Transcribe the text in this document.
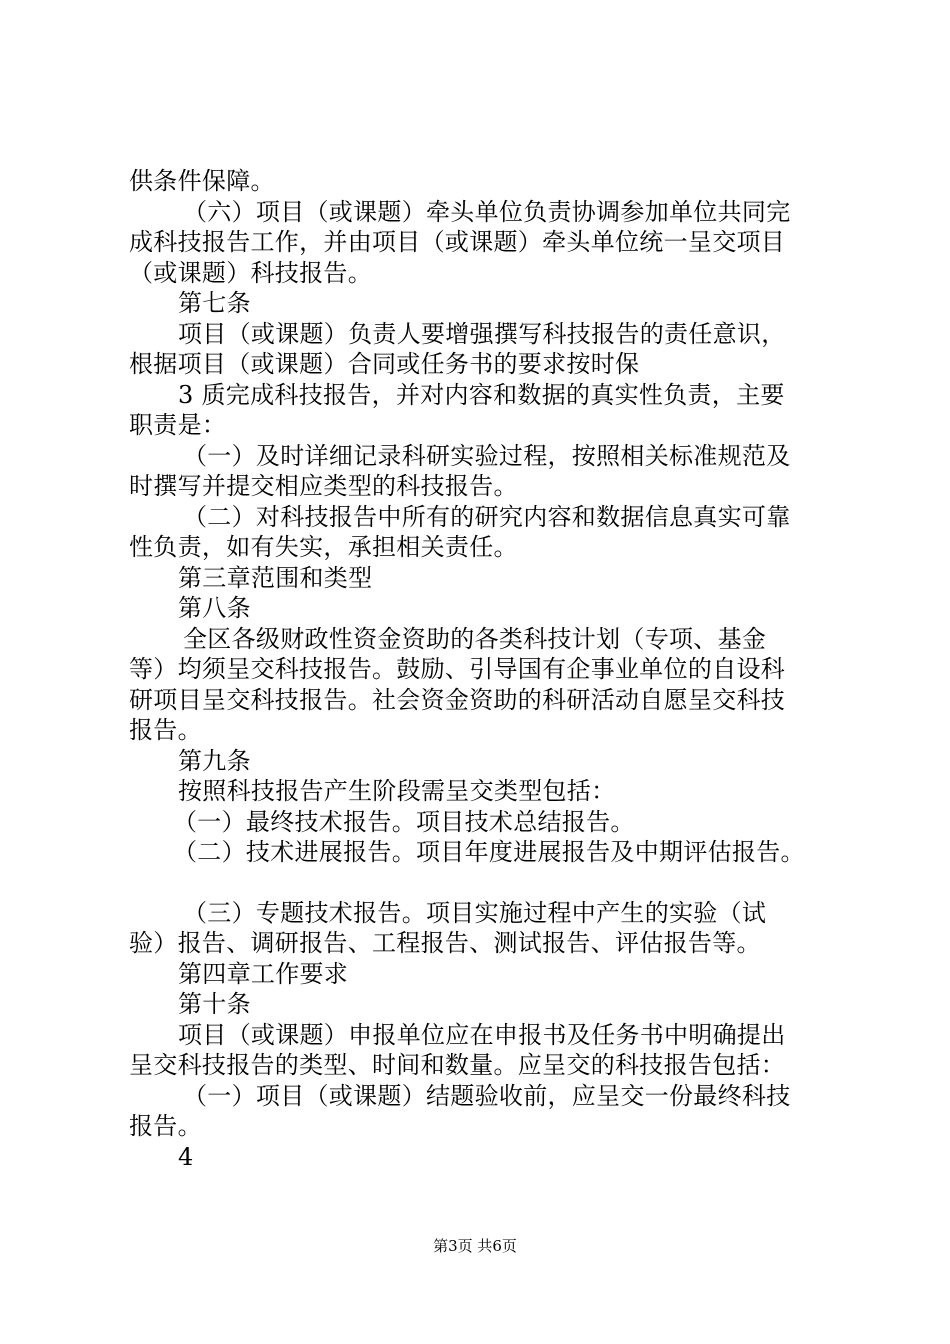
供条件保障。
（六）项目（或课题）牵头单位负责协调参加单位共同完
成科技报告工作，并由项目（或课题）牵头单位统一呈交项目
（或课题）科技报告。
第七条
项目（或课题）负责人要增强撰写科技报告的责任意识，
根据项目（或课题）合同或任务书的要求按时保
3 质完成科技报告，并对内容和数据的真实性负责，主要
职责是：
（一）及时详细记录科研实验过程，按照相关标准规范及
时撰写并提交相应类型的科技报告。
（二）对科技报告中所有的研究内容和数据信息真实可靠
性负责，如有失实，承担相关责任。
第三章范围和类型
第八条
全区各级财政性资金资助的各类科技计划（专项、基金
等）均须呈交科技报告。鼓励、引导国有企事业单位的自设科
研项目呈交科技报告。社会资金资助的科研活动自愿呈交科技
报告。
第九条
按照科技报告产生阶段需呈交类型包括：
（一）最终技术报告。项目技术总结报告。
（二）技术进展报告。项目年度进展报告及中期评估报告。
（三）专题技术报告。项目实施过程中产生的实验（试
验）报告、调研报告、工程报告、测试报告、评估报告等。
第四章工作要求
第十条
项目（或课题）申报单位应在申报书及任务书中明确提出
呈交科技报告的类型、时间和数量。应呈交的科技报告包括：
（一）项目（或课题）结题验收前，应呈交一份最终科技
报告。
4
第3页 共6页
